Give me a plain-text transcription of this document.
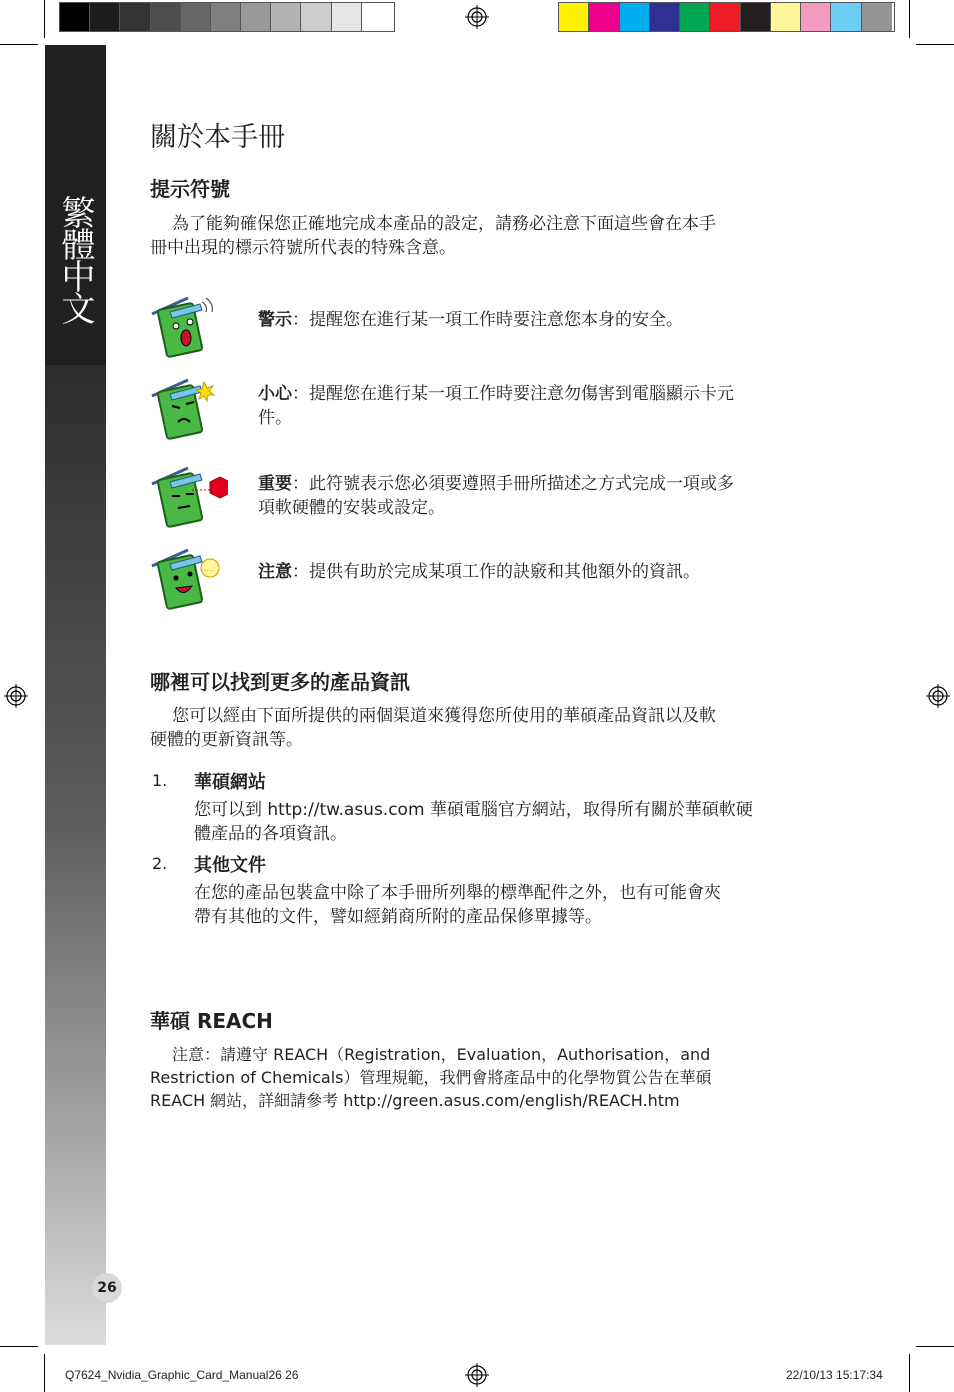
繁體中文
26
關於本手冊
提示符號
為了能夠確保您正確地完成本產品的設定，請務必注意下面這些會在本手
冊中出現的標示符號所代表的特殊含意。
警示：提醒您在進行某一項工作時要注意您本身的安全。
小心：提醒您在進行某一項工作時要注意勿傷害到電腦顯示卡元
件。
重要：此符號表示您必須要遵照手冊所描述之方式完成一項或多
項軟硬體的安裝或設定。
....	注意：提供有助於完成某項工作的訣竅和其他額外的資訊。
哪裡可以找到更多的產品資訊
您可以經由下面所提供的兩個渠道來獲得您所使用的華碩產品資訊以及軟
硬體的更新資訊等。
1. 華碩網站
您可以到 http://tw.asus.com 華碩電腦官方網站，取得所有關於華碩軟硬
體產品的各項資訊。
2. 其他文件
在您的產品包裝盒中除了本手冊所列舉的標準配件之外，也有可能會夾
帶有其他的文件，譬如經銷商所附的產品保修單據等。
華碩 REACH
注意：請遵守 REACH（Registration，Evaluation，Authorisation，and
Restriction of Chemicals）管理規範，我們會將產品中的化學物質公告在華碩
REACH 網站，詳細請參考 http://green.asus.com/english/REACH.htm
Q7624_Nvidia_Graphic_Card_Manual26 26	22/10/13 15:17:34
